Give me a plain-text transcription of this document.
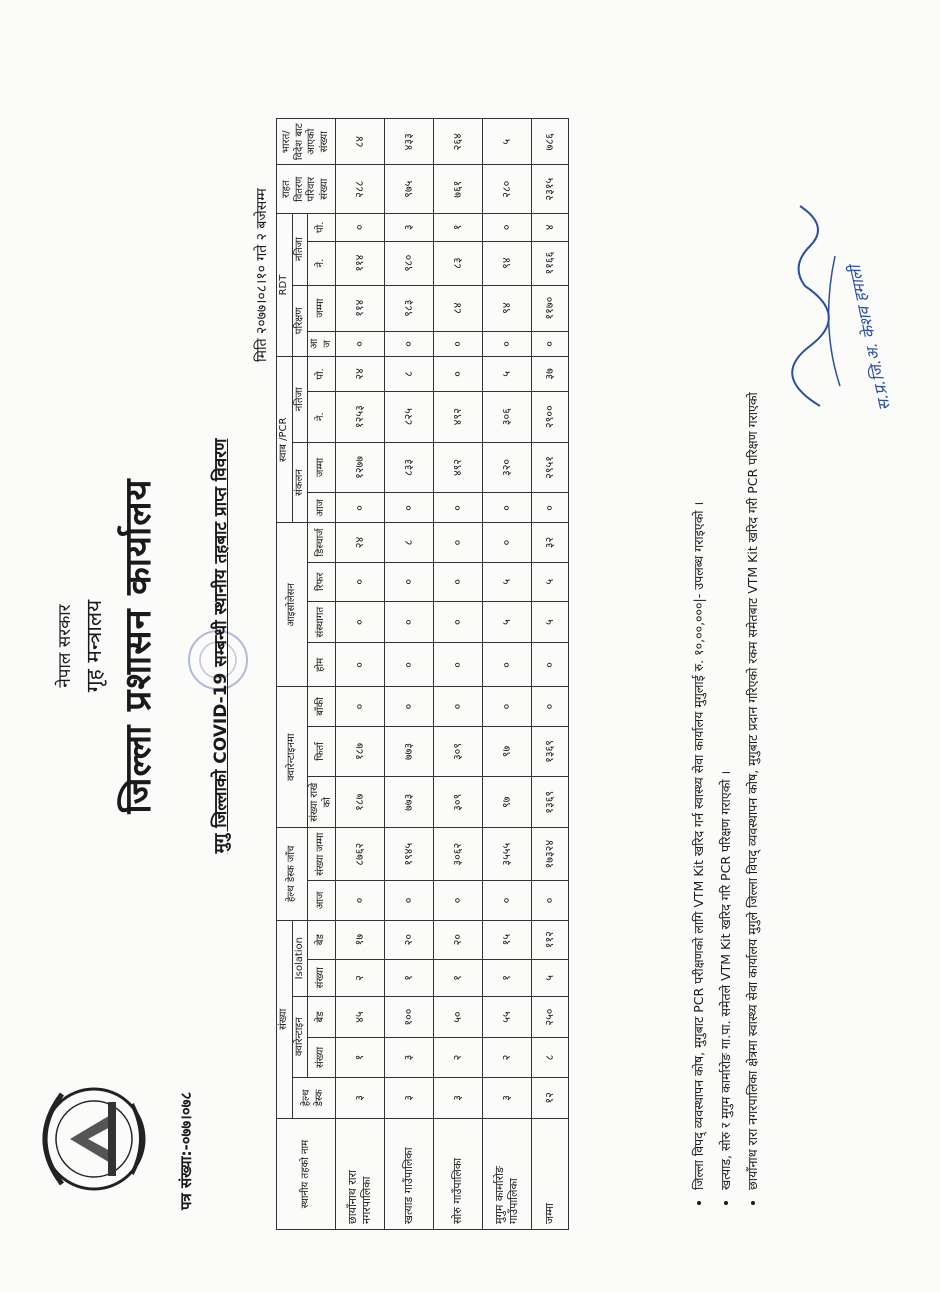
नेपाल सरकार गृह मन्त्रालय जिल्ला प्रशासन कार्यालय
पत्र संख्या:-०७७।०७८
मुगु जिल्लाको COVID-19 सम्बन्धी स्थानीय तहबाट प्राप्त विवरण
मिति २०७७।०८।१० गते २ बजेसम्म
स्थानीय तहको नाम	संख्या					हेल्थ डेस्क जाँच		क्वारेन्टाइनमा			आइसोलेसन				स्वाब /PCR				RDT				राहत वितरण परिवार संख्या	भारत/ विदेश बाट आएको संख्या
	हेल्थ डेस्क	क्वारेन्टाइन		Isolation											संकलन		नतिजा		परिक्षण		नतिजा			
		संख्या	बेड	संख्या	बेड	आज	संख्या जम्मा	संख्या राखे को	फिर्ता	बाँकी	होम	संस्थागत	रिफर	डिस्चार्ज	आज	जम्मा	ने.	पो.	आ ज	जम्मा	ने.	पो.		
छायाँनाथ रारा नगरपालिका	३	१	४५	२	१७	०	८७६२	१८७	१८७	०	०	०	०	२४	०	१२७७	१२५३	२४	०	११४	११४	०	२८८	८४
खत्याड गाउँपालिका	३	३	१००	१	२०	०	१९४५	७७३	७७३	०	०	०	०	८	०	८३३	८२५	८	०	९८३	९८०	३	९७५	४३३
सोरु गाउँपालिका	३	२	५०	१	२०	०	३०६२	३०९	३०९	०	०	०	०	०	०	४९२	४९२	०	०	८४	८३	१	७६१	२६४
मुगुम कार्मारोङ गाउँपालिका	३	२	५५	१	१५	०	३५५५	९७	९७	०	०	५	५	०	०	३२०	३०६	५	०	९४	९४	०	२८०	५
जम्मा	१२	८	२५०	५	११२	०	१७३२४	१३६९	१३६९	०	०	५	५	३२	०	२९५१	२९००	३७	०	११७०	११६६	४	२३१५	७८६
• जिल्ला विपद् व्यवस्थापन कोष, मुगुबाट PCR परीक्षणको लागि VTM Kit खरिद गर्न स्वास्थ्य सेवा कार्यालय मुगुलाई रु. १०,००,०००|- उपलब्ध गराइएको । • खत्याड, सोरु र मुगुम कार्मारोङ गा.पा. समेतले VTM Kit खरिद गरि PCR परिक्षण गराएको । • छायाँनाथ रारा नगरपालिका क्षेत्रमा स्वास्थ्य सेवा कार्यालय मुगुले जिल्ला विपद् व्यवस्थापन कोष, मुगुबाट प्रदान गरिएको रकम समेतबाट VTM Kit खरिद गरी PCR परिक्षण गराएको
स.प्र.जि.अ. केशव हमाली
